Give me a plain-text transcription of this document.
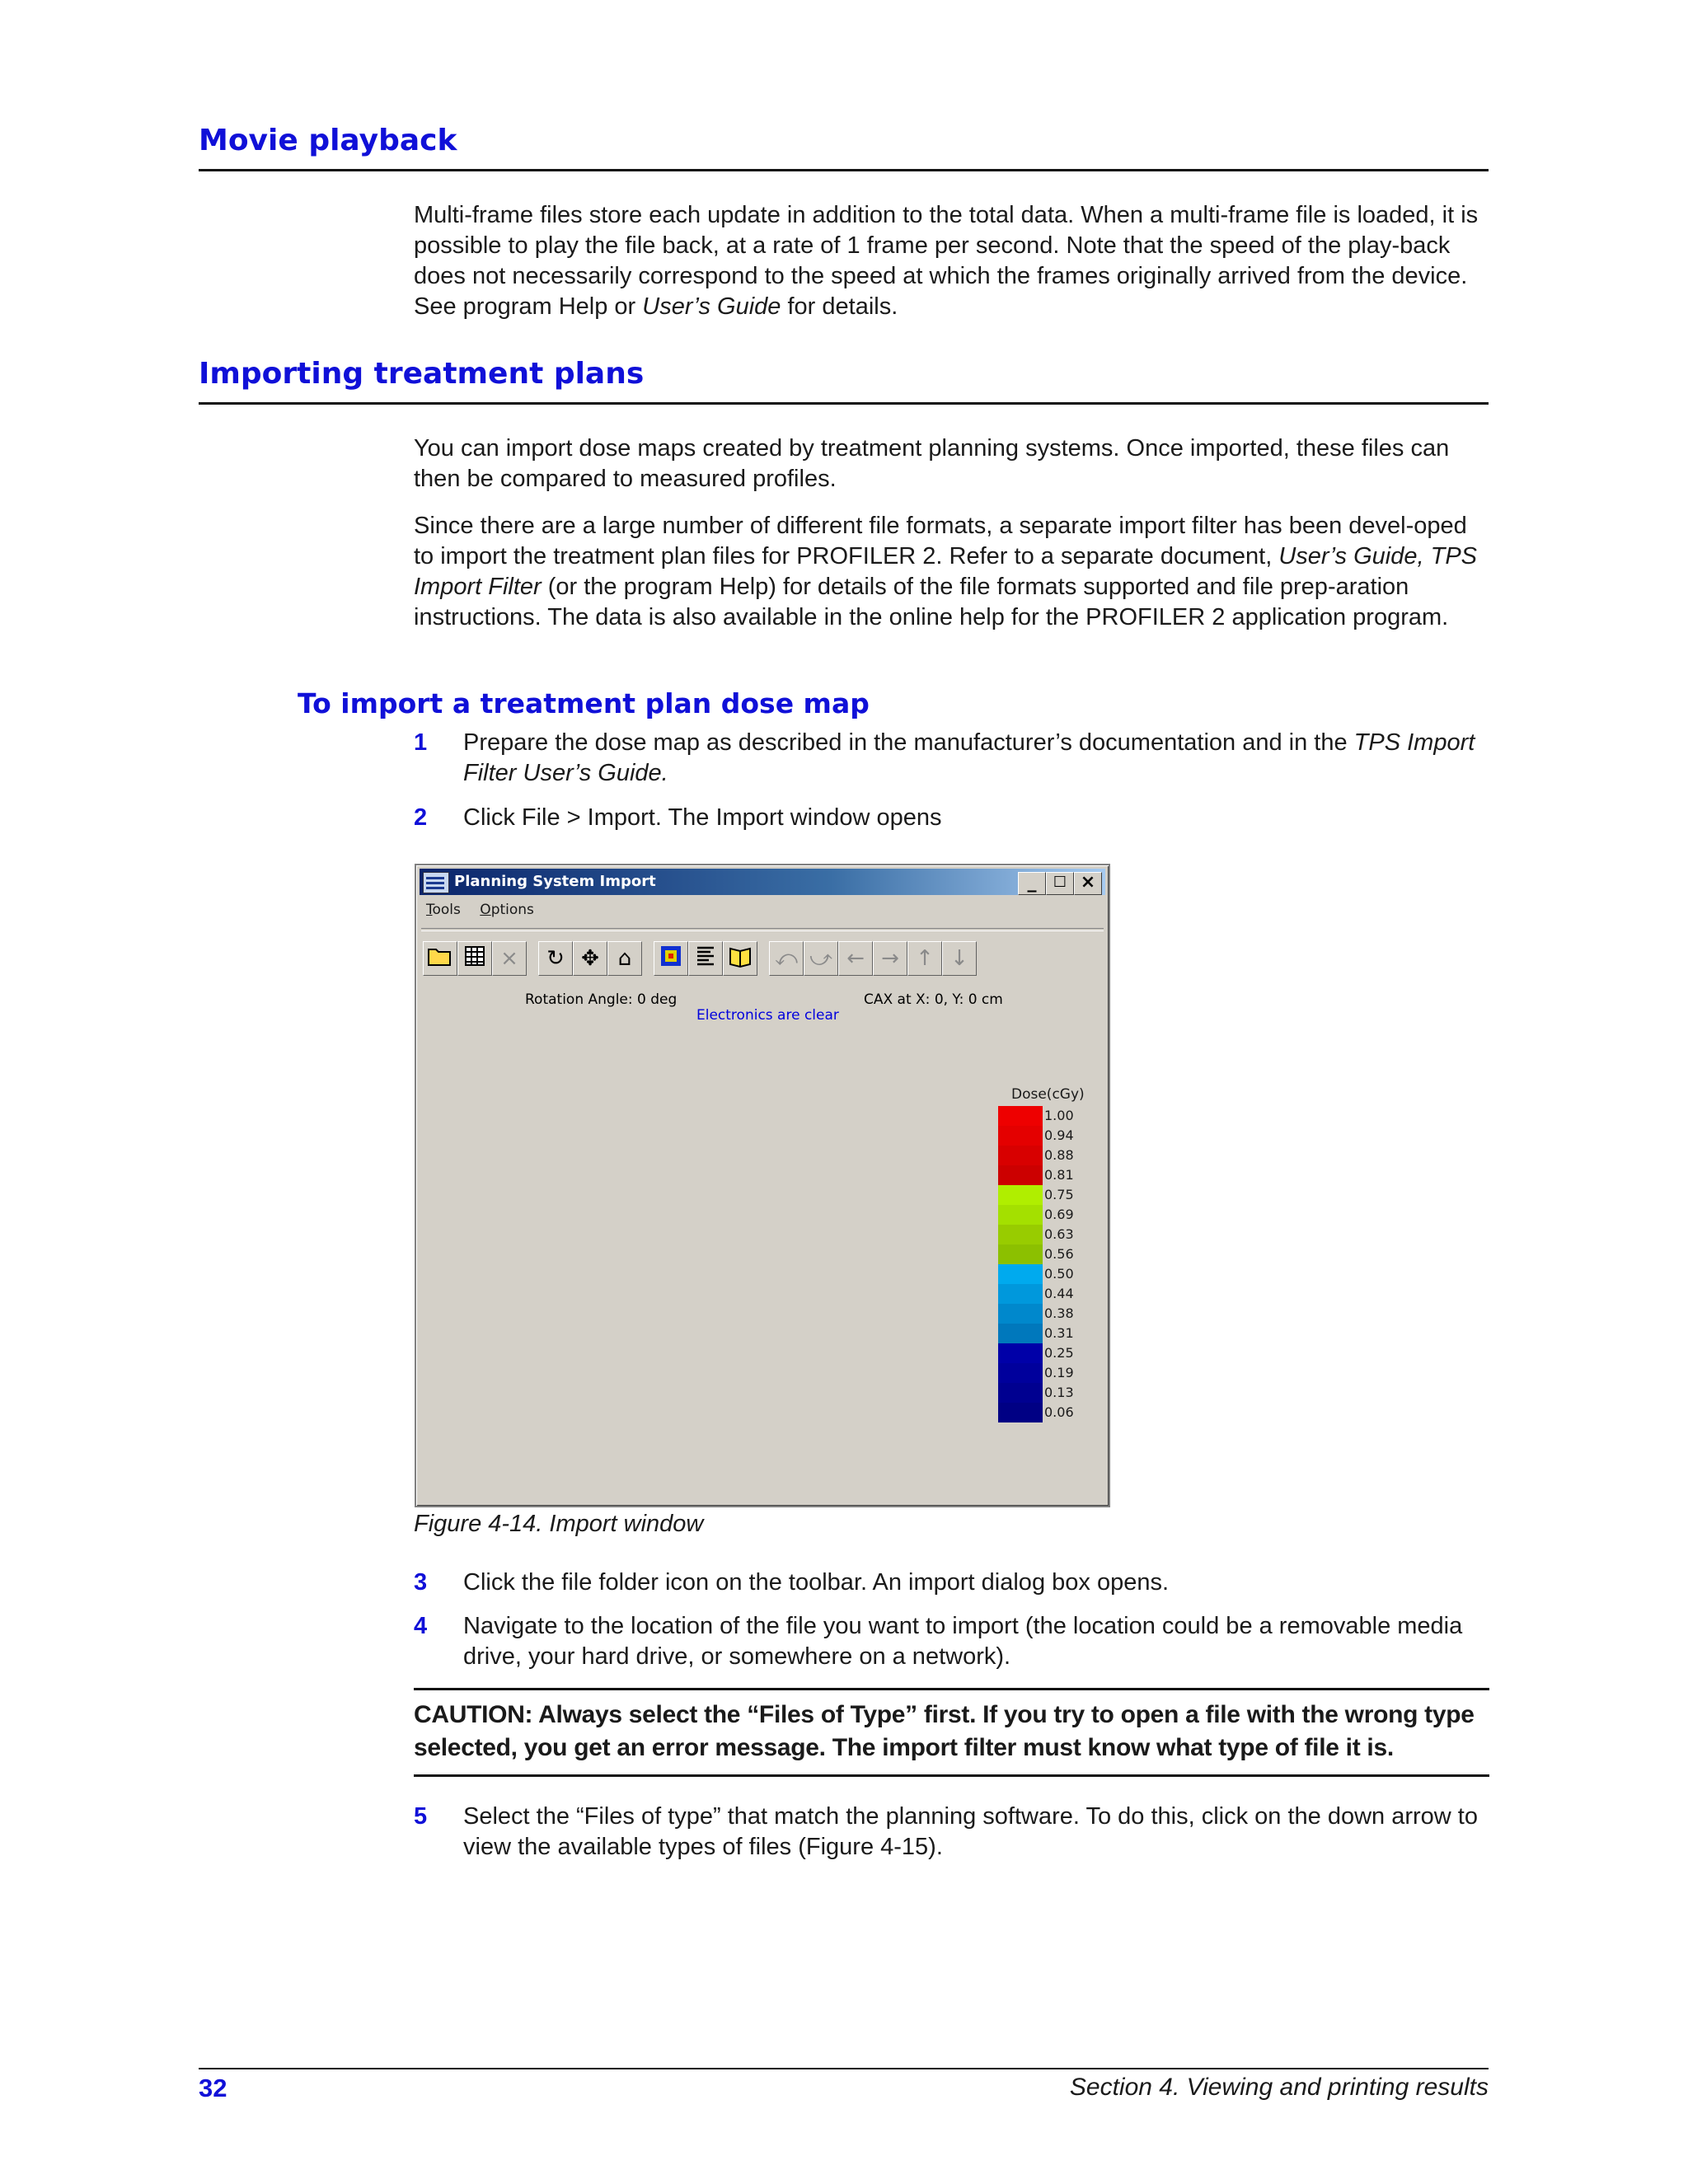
Movie playback

Multi-frame files store each update in addition to the total data. When a multi-frame file is loaded, it is possible to play the file back, at a rate of 1 frame per second. Note that the speed of the play-back does not necessarily correspond to the speed at which the frames originally arrived from the device. See program Help or User’s Guide for details.

Importing treatment plans

You can import dose maps created by treatment planning systems. Once imported, these files can then be compared to measured profiles.

Since there are a large number of different file formats, a separate import filter has been devel-oped to import the treatment plan files for PROFILER 2. Refer to a separate document, User’s Guide, TPS Import Filter (or the program Help) for details of the file formats supported and file prep-aration instructions. The data is also available in the online help for the PROFILER 2 application program.

To import a treatment plan dose map
1 Prepare the dose map as described in the manufacturer’s documentation and in the TPS Import Filter User’s Guide.
2 Click File > Import. The Import window opens
Planning System Import	_	☐ ×
Tools Options
×	↻ ✥ ⌂	⤺ ⤻ ← → ↑ ↓
Rotation Angle: 0 deg	CAX at X: 0, Y: 0 cm
Electronics are clear
Dose(cGy)
1.00
0.94
0.88
0.81
0.75
0.69
0.63
0.56
0.50
0.44
0.38
0.31
0.25
0.19
0.13
0.06
Figure 4-14. Import window
3 Click the file folder icon on the toolbar. An import dialog box opens.
4 Navigate to the location of the file you want to import (the location could be a removable media drive, your hard drive, or somewhere on a network).
CAUTION: Always select the “Files of Type” first. If you try to open a file with the wrong type selected, you get an error message. The import filter must know what type of file it is.
5 Select the “Files of type” that match the planning software. To do this, click on the down arrow to view the available types of files (Figure 4-15).
32	Section 4. Viewing and printing results
